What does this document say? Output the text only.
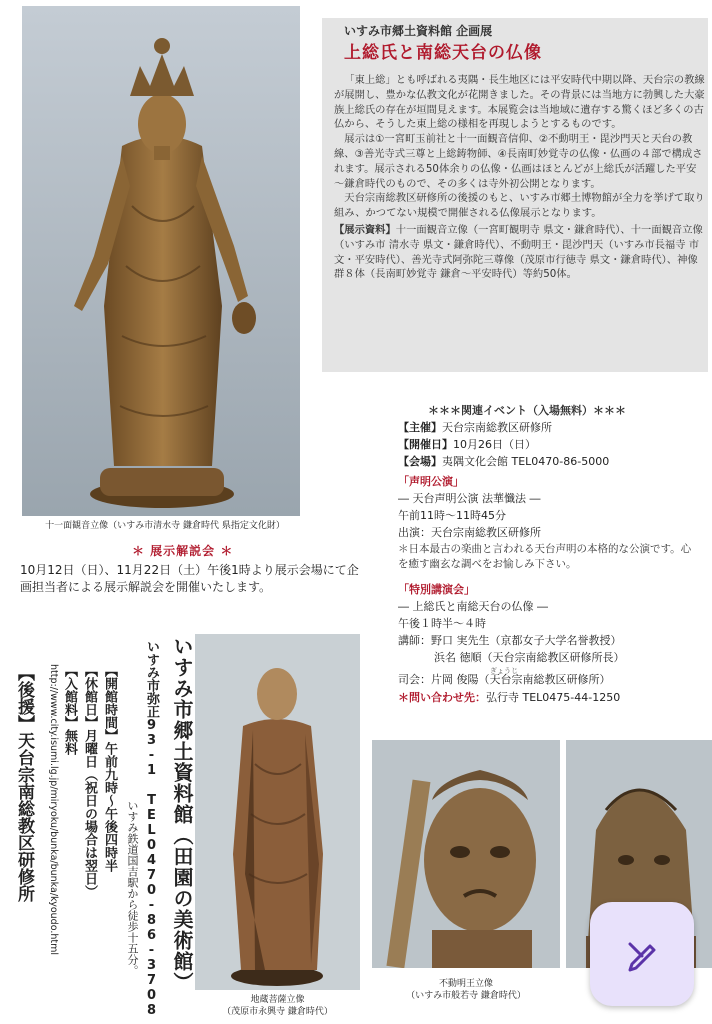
十一面観音立像（いすみ市清水寺 鎌倉時代 県指定文化財）
いすみ市郷土資料館 企画展
上総氏と南総天台の仏像

「東上総」とも呼ばれる夷隅・長生地区には平安時代中期以降、天台宗の教線が展開し、豊かな仏教文化が花開きました。その背景には当地方に勃興した大豪族上総氏の存在が垣間見えます。本展覧会は当地域に遺存する驚くほど多くの古仏から、そうした東上総の様相を再現しようとするものです。

展示は①一宮町玉前社と十一面観音信仰、②不動明王・毘沙門天と天台の教線、③善光寺式三尊と上総鋳物師、④長南町妙覚寺の仏像・仏画の４部で構成されます。展示される50体余りの仏像・仏画はほとんどが上総氏が活躍した平安～鎌倉時代のもので、その多くは寺外初公開となります。

天台宗南総教区研修所の後援のもと、いすみ市郷土博物館が全力を挙げて取り組み、かつてない規模で開催される仏像展示となります。

【展示資料】十一面観音立像（一宮町観明寺 県文・鎌倉時代）、十一面観音立像（いすみ市 清水寺 県文・鎌倉時代）、不動明王・毘沙門天（いすみ市長福寺 市文・平安時代）、善光寺式阿弥陀三尊像（茂原市行徳寺 県文・鎌倉時代）、神像群８体（長南町妙覚寺 鎌倉～平安時代）等約50体。
＊＊＊関連イベント（入場無料）＊＊＊
【主催】天台宗南総教区研修所
【開催日】10月26日（日）
【会場】夷隅文化会館 TEL0470-86-5000
「声明公演」
― 天台声明公演 法華懺法 ―
午前11時～11時45分
出演：天台宗南総教区研修所
＊日本最古の楽曲と言われる天台声明の本格的な公演です。心を癒す幽玄な調べをお愉しみ下さい。
「特別講演会」
― 上総氏と南総天台の仏像 ―
午後１時半～４時
講師：野口 実先生（京都女子大学名誉教授）
浜名 徳順（天台宗南総教区研修所長）
ぎょうじ
司会：片岡 俊陽（天台宗南総教区研修所）
＊問い合わせ先：弘行寺 TEL0475-44-1250
＊ 展示解説会 ＊
10月12日（日）、11月22日（土）午後1時より展示会場にて企画担当者による展示解説会を開催いたします。
いすみ市郷土資料館（田園の美術館）
いすみ市弥正93-1 TEL0470-86-3708
いすみ鉄道国吉駅から徒歩十五分。
【開館時間】午前九時～午後四時半
【休館日】月曜日（祝日の場合は翌日）
【入館料】無料
http://www.city.isumi.lg.jp/miryoku/bunka/bunka/kyoudo.html
【後援】天台宗南総教区研修所
地蔵菩薩立像
（茂原市永興寺 鎌倉時代）
不動明王立像
（いすみ市般若寺 鎌倉時代）
